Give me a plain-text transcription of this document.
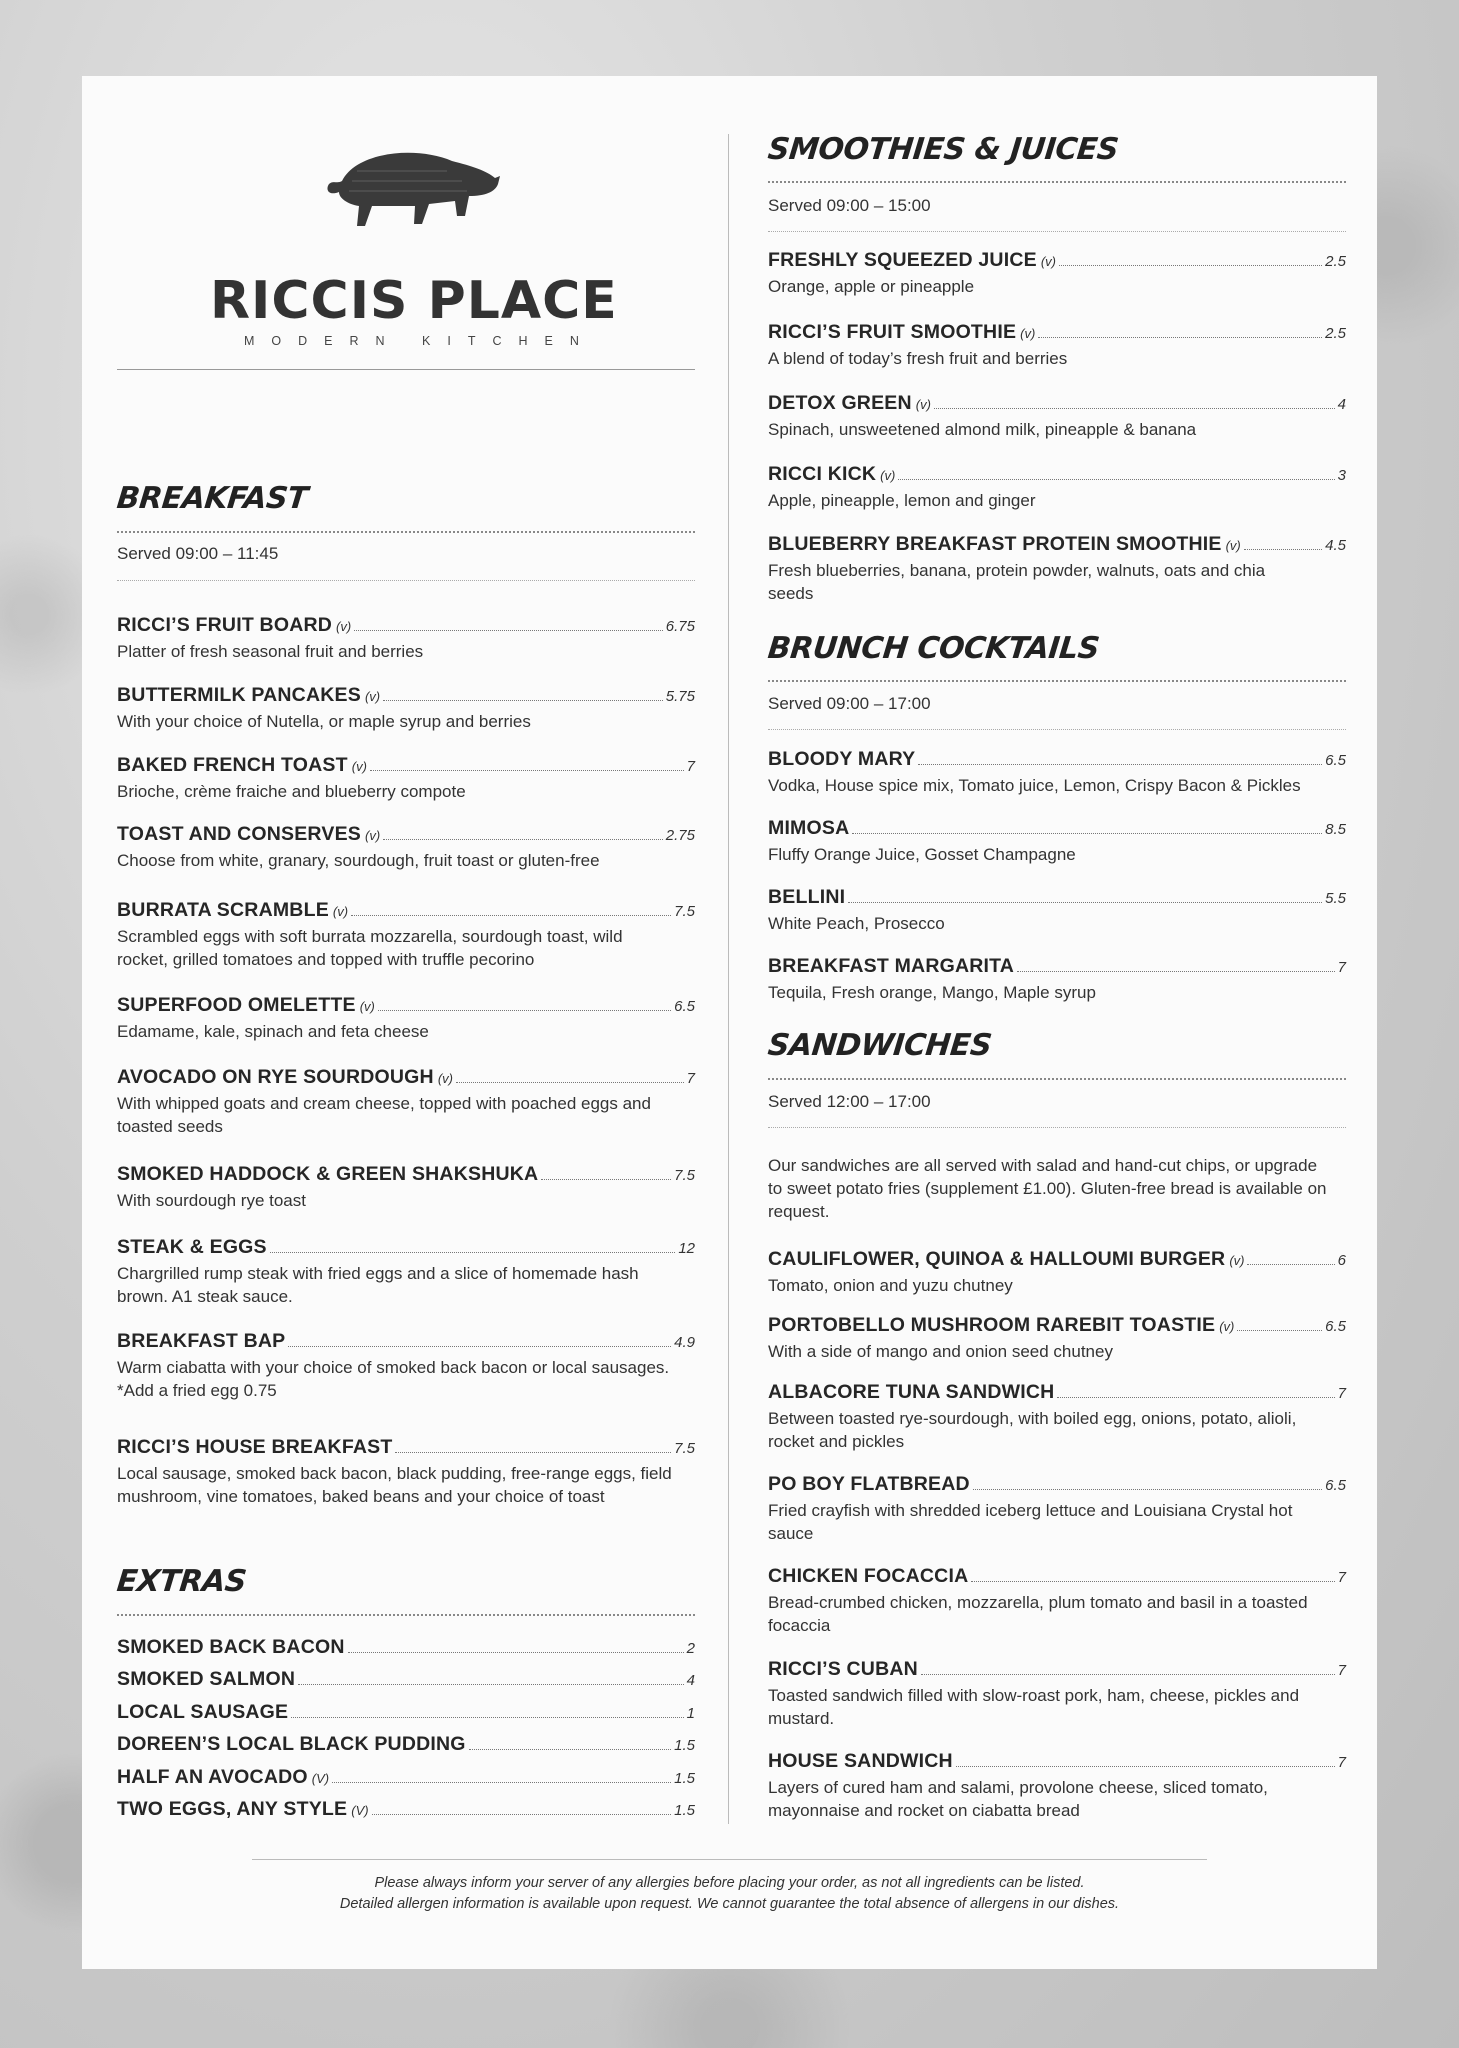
RICCIS PLACE
MODERN KITCHEN
BREAKFAST
Served 09:00 – 11:45
RICCI’S FRUIT BOARD (v)	6.75
Platter of fresh seasonal fruit and berries
BUTTERMILK PANCAKES (v)	5.75
With your choice of Nutella, or maple syrup and berries
BAKED FRENCH TOAST (v)	7
Brioche, crème fraiche and blueberry compote
TOAST AND CONSERVES (v)	2.75
Choose from white, granary, sourdough, fruit toast or gluten-free
BURRATA SCRAMBLE (v)	7.5
Scrambled eggs with soft burrata mozzarella, sourdough toast, wild rocket, grilled tomatoes and topped with truffle pecorino
SUPERFOOD OMELETTE (v)	6.5
Edamame, kale, spinach and feta cheese
AVOCADO ON RYE SOURDOUGH (v)	7
With whipped goats and cream cheese, topped with poached eggs and toasted seeds
SMOKED HADDOCK & GREEN SHAKSHUKA	7.5
With sourdough rye toast
STEAK & EGGS	12
Chargrilled rump steak with fried eggs and a slice of homemade hash brown. A1 steak sauce.
BREAKFAST BAP	4.9
Warm ciabatta with your choice of smoked back bacon or local sausages. *Add a fried egg 0.75
RICCI’S HOUSE BREAKFAST	7.5
Local sausage, smoked back bacon, black pudding, free-range eggs, field mushroom, vine tomatoes, baked beans and your choice of toast
EXTRAS
SMOKED BACK BACON	2
SMOKED SALMON	4
LOCAL SAUSAGE	1
DOREEN’S LOCAL BLACK PUDDING	1.5
HALF AN AVOCADO (V)	1.5
TWO EGGS, ANY STYLE (V)	1.5
SMOOTHIES & JUICES
Served 09:00 – 15:00
FRESHLY SQUEEZED JUICE (v)	2.5
Orange, apple or pineapple
RICCI’S FRUIT SMOOTHIE (v)	2.5
A blend of today’s fresh fruit and berries
DETOX GREEN (v)	4
Spinach, unsweetened almond milk, pineapple & banana
RICCI KICK (v)	3
Apple, pineapple, lemon and ginger
BLUEBERRY BREAKFAST PROTEIN SMOOTHIE (v)	4.5
Fresh blueberries, banana, protein powder, walnuts, oats and chia seeds
BRUNCH COCKTAILS
Served 09:00 – 17:00
BLOODY MARY	6.5
Vodka, House spice mix, Tomato juice, Lemon, Crispy Bacon & Pickles
MIMOSA	8.5
Fluffy Orange Juice, Gosset Champagne
BELLINI	5.5
White Peach, Prosecco
BREAKFAST MARGARITA	7
Tequila, Fresh orange, Mango, Maple syrup
SANDWICHES
Served 12:00 – 17:00
Our sandwiches are all served with salad and hand-cut chips, or upgrade to sweet potato fries (supplement £1.00). Gluten-free bread is available on request.
CAULIFLOWER, QUINOA & HALLOUMI BURGER (v)	6
Tomato, onion and yuzu chutney
PORTOBELLO MUSHROOM RAREBIT TOASTIE (v)	6.5
With a side of mango and onion seed chutney
ALBACORE TUNA SANDWICH	7
Between toasted rye-sourdough, with boiled egg, onions, potato, alioli, rocket and pickles
PO BOY FLATBREAD	6.5
Fried crayfish with shredded iceberg lettuce and Louisiana Crystal hot sauce
CHICKEN FOCACCIA	7
Bread-crumbed chicken, mozzarella, plum tomato and basil in a toasted focaccia
RICCI’S CUBAN	7
Toasted sandwich filled with slow-roast pork, ham, cheese, pickles and mustard.
HOUSE SANDWICH	7
Layers of cured ham and salami, provolone cheese, sliced tomato, mayonnaise and rocket on ciabatta bread
Please always inform your server of any allergies before placing your order, as not all ingredients can be listed.
Detailed allergen information is available upon request. We cannot guarantee the total absence of allergens in our dishes.
